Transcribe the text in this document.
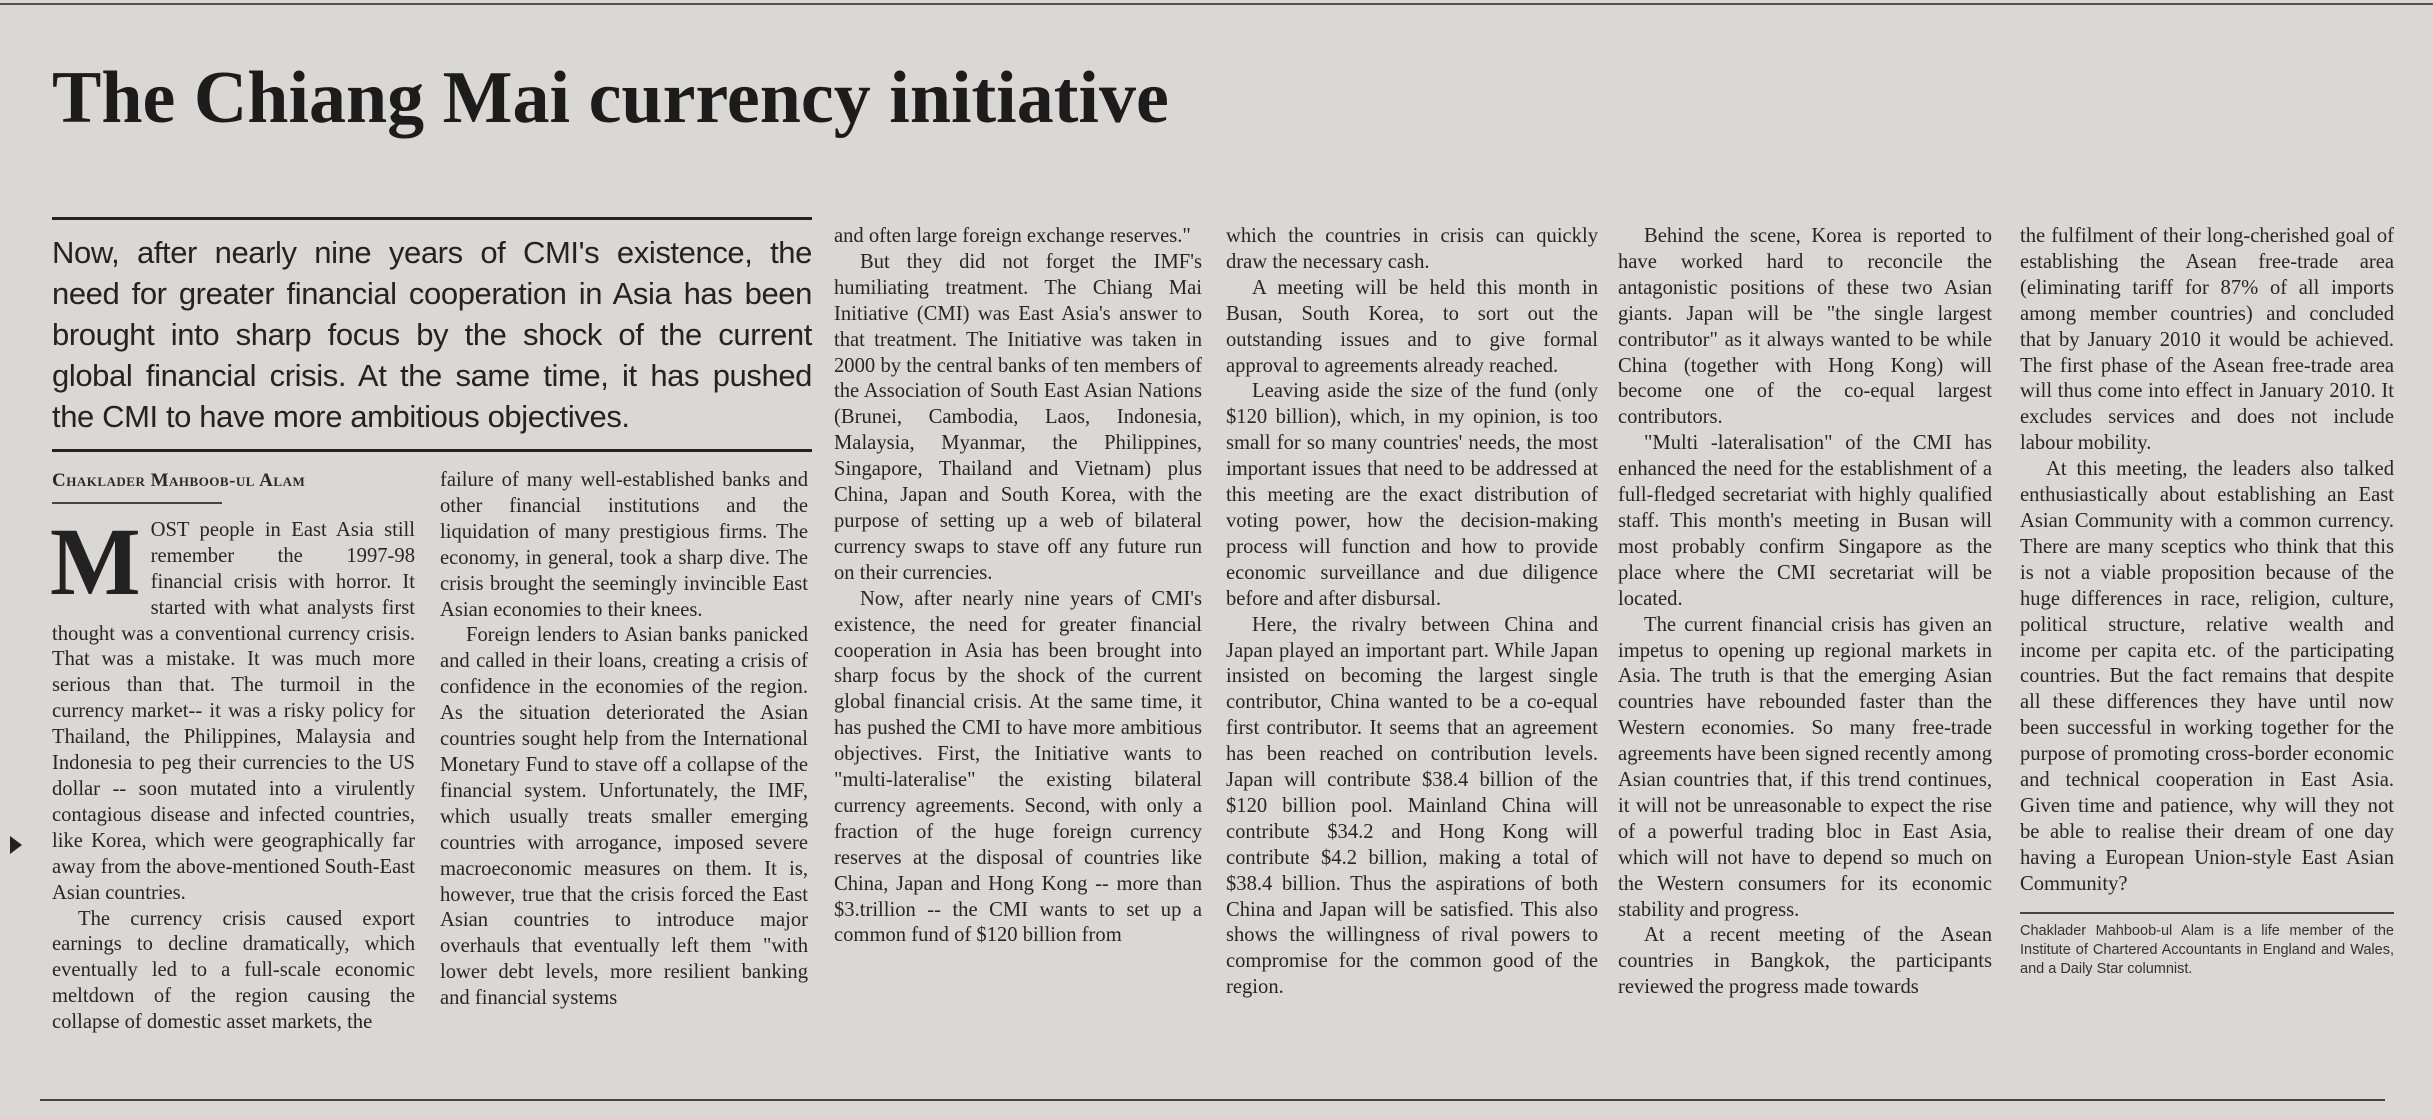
The Chiang Mai currency initiative

Now, after nearly nine years of CMI's existence, the need for greater financial cooperation in Asia has been brought into sharp focus by the shock of the current global financial crisis. At the same time, it has pushed the CMI to have more ambitious objectives.

Chaklader Mahboob-ul Alam

MOST people in East Asia still remember the 1997-98 financial crisis with horror. It started with what analysts first thought was a conventional currency crisis. That was a mistake. It was much more serious than that. The turmoil in the currency market-- it was a risky policy for Thailand, the Philippines, Malaysia and Indonesia to peg their currencies to the US dollar -- soon mutated into a virulently contagious disease and infected countries, like Korea, which were geographically far away from the above-mentioned South-East Asian countries.

The currency crisis caused export earnings to decline dramatically, which eventually led to a full-scale economic meltdown of the region causing the collapse of domestic asset markets, the

failure of many well-established banks and other financial institutions and the liquidation of many prestigious firms. The economy, in general, took a sharp dive. The crisis brought the seemingly invincible East Asian economies to their knees.

Foreign lenders to Asian banks panicked and called in their loans, creating a crisis of confidence in the economies of the region. As the situation deteriorated the Asian countries sought help from the International Monetary Fund to stave off a collapse of the financial system. Unfortunately, the IMF, which usually treats smaller emerging countries with arrogance, imposed severe macroeconomic measures on them. It is, however, true that the crisis forced the East Asian countries to introduce major overhauls that eventually left them "with lower debt levels, more resilient banking and financial systems

and often large foreign exchange reserves."

But they did not forget the IMF's humiliating treatment. The Chiang Mai Initiative (CMI) was East Asia's answer to that treatment. The Initiative was taken in 2000 by the central banks of ten members of the Association of South East Asian Nations (Brunei, Cambodia, Laos, Indonesia, Malaysia, Myanmar, the Philippines, Singapore, Thailand and Vietnam) plus China, Japan and South Korea, with the purpose of setting up a web of bilateral currency swaps to stave off any future run on their currencies.

Now, after nearly nine years of CMI's existence, the need for greater financial cooperation in Asia has been brought into sharp focus by the shock of the current global financial crisis. At the same time, it has pushed the CMI to have more ambitious objectives. First, the Initiative wants to "multi-lateralise" the existing bilateral currency agreements. Second, with only a fraction of the huge foreign currency reserves at the disposal of countries like China, Japan and Hong Kong -- more than $3.trillion -- the CMI wants to set up a common fund of $120 billion from

which the countries in crisis can quickly draw the necessary cash.

A meeting will be held this month in Busan, South Korea, to sort out the outstanding issues and to give formal approval to agreements already reached.

Leaving aside the size of the fund (only $120 billion), which, in my opinion, is too small for so many countries' needs, the most important issues that need to be addressed at this meeting are the exact distribution of voting power, how the decision-making process will function and how to provide economic surveillance and due diligence before and after disbursal.

Here, the rivalry between China and Japan played an important part. While Japan insisted on becoming the largest single contributor, China wanted to be a co-equal first contributor. It seems that an agreement has been reached on contribution levels. Japan will contribute $38.4 billion of the $120 billion pool. Mainland China will contribute $34.2 and Hong Kong will contribute $4.2 billion, making a total of $38.4 billion. Thus the aspirations of both China and Japan will be satisfied. This also shows the willingness of rival powers to compromise for the common good of the region.

Behind the scene, Korea is reported to have worked hard to reconcile the antagonistic positions of these two Asian giants. Japan will be "the single largest contributor" as it always wanted to be while China (together with Hong Kong) will become one of the co-equal largest contributors.

"Multi -lateralisation" of the CMI has enhanced the need for the establishment of a full-fledged secretariat with highly qualified staff. This month's meeting in Busan will most probably confirm Singapore as the place where the CMI secretariat will be located.

The current financial crisis has given an impetus to opening up regional markets in Asia. The truth is that the emerging Asian countries have rebounded faster than the Western economies. So many free-trade agreements have been signed recently among Asian countries that, if this trend continues, it will not be unreasonable to expect the rise of a powerful trading bloc in East Asia, which will not have to depend so much on the Western consumers for its economic stability and progress.

At a recent meeting of the Asean countries in Bangkok, the participants reviewed the progress made towards

the fulfilment of their long-cherished goal of establishing the Asean free-trade area (eliminating tariff for 87% of all imports among member countries) and concluded that by January 2010 it would be achieved. The first phase of the Asean free-trade area will thus come into effect in January 2010. It excludes services and does not include labour mobility.

At this meeting, the leaders also talked enthusiastically about establishing an East Asian Community with a common currency. There are many sceptics who think that this is not a viable proposition because of the huge differences in race, religion, culture, political structure, relative wealth and income per capita etc. of the participating countries. But the fact remains that despite all these differences they have until now been successful in working together for the purpose of promoting cross-border economic and technical cooperation in East Asia. Given time and patience, why will they not be able to realise their dream of one day having a European Union-style East Asian Community?

Chaklader Mahboob-ul Alam is a life member of the Institute of Chartered Accountants in England and Wales, and a Daily Star columnist.
